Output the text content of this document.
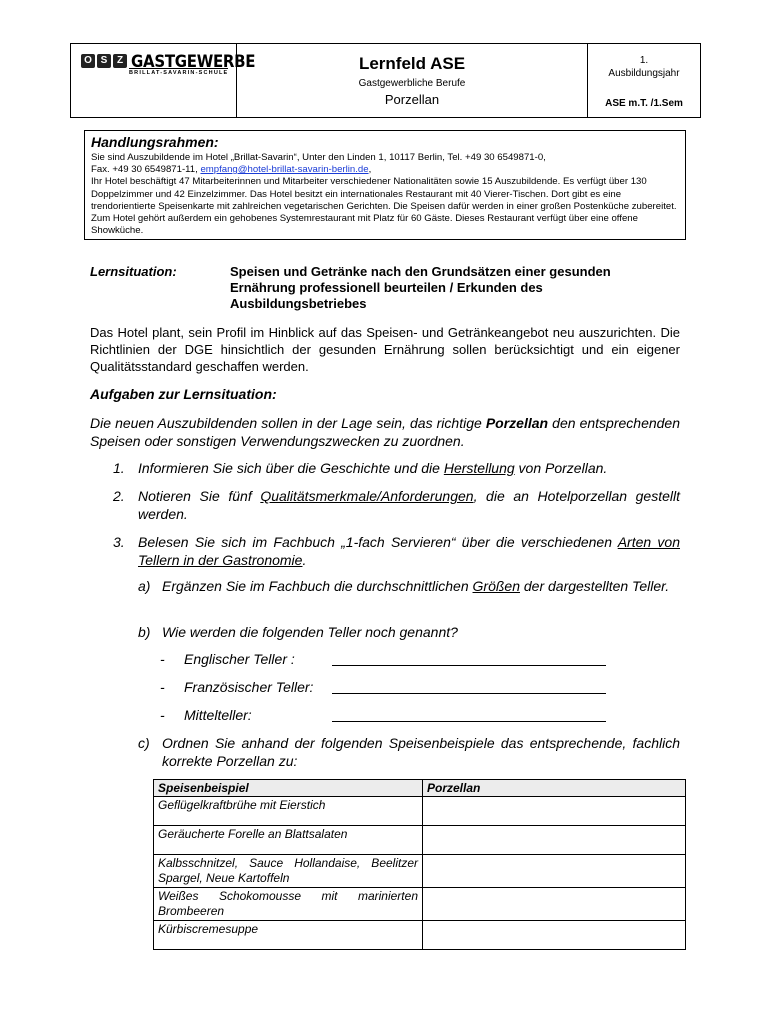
O S Z GASTGEWERBE
BRILLAT-SAVARIN-SCHULE	Lernfeld ASE
Gastgewerbliche Berufe
Porzellan
1.
Ausbildungsjahr
ASE m.T. /1.Sem
Handlungsrahmen:

Sie sind Auszubildende im Hotel „Brillat-Savarin“, Unter den Linden 1, 10117 Berlin, Tel. +49 30 6549871-0,
Fax. +49 30 6549871-11, empfang@hotel-brillat-savarin-berlin.de,
Ihr Hotel beschäftigt 47 Mitarbeiterinnen und Mitarbeiter verschiedener Nationalitäten sowie 15 Auszubildende. Es verfügt über 130 Doppelzimmer und 42 Einzelzimmer. Das Hotel besitzt ein internationales Restaurant mit 40 Vierer-Tischen. Dort gibt es eine trendorientierte Speisenkarte mit zahlreichen vegetarischen Gerichten. Die Speisen dafür werden in einer großen Postenküche zubereitet. Zum Hotel gehört außerdem ein gehobenes Systemrestaurant mit Platz für 60 Gäste. Dieses Restaurant verfügt über eine offene Showküche.

Lernsituation:	Speisen und Getränke nach den Grundsätzen einer gesunden Ernährung professionell beurteilen / Erkunden des Ausbildungsbetriebes
Das Hotel plant, sein Profil im Hinblick auf das Speisen- und Getränkeangebot neu auszurichten. Die Richtlinien der DGE hinsichtlich der gesunden Ernährung sollen berücksichtigt und ein eigener Qualitätsstandard geschaffen werden.
Aufgaben zur Lernsituation:
Die neuen Auszubildenden sollen in der Lage sein, das richtige Porzellan den entsprechenden Speisen oder sonstigen Verwendungszwecken zu zuordnen.
1. Informieren Sie sich über die Geschichte und die Herstellung von Porzellan.
2. Notieren Sie fünf Qualitätsmerkmale/Anforderungen, die an Hotelporzellan gestellt werden.
3. Belesen Sie sich im Fachbuch „1-fach Servieren“ über die verschiedenen Arten von Tellern in der Gastronomie.
a) Ergänzen Sie im Fachbuch die durchschnittlichen Größen der dargestellten Teller.
b) Wie werden die folgenden Teller noch genannt?
- Englischer Teller :
- Französischer Teller:
- Mittelteller:
c) Ordnen Sie anhand der folgenden Speisenbeispiele das entsprechende, fachlich korrekte Porzellan zu:
Speisenbeispiel	Porzellan
Geflügelkraftbrühe mit Eierstich	
Geräucherte Forelle an Blattsalaten	
Kalbsschnitzel, Sauce Hollandaise, Beelitzer Spargel, Neue Kartoffeln	
Weißes Schokomousse mit marinierten Brombeeren	
Kürbiscremesuppe	
